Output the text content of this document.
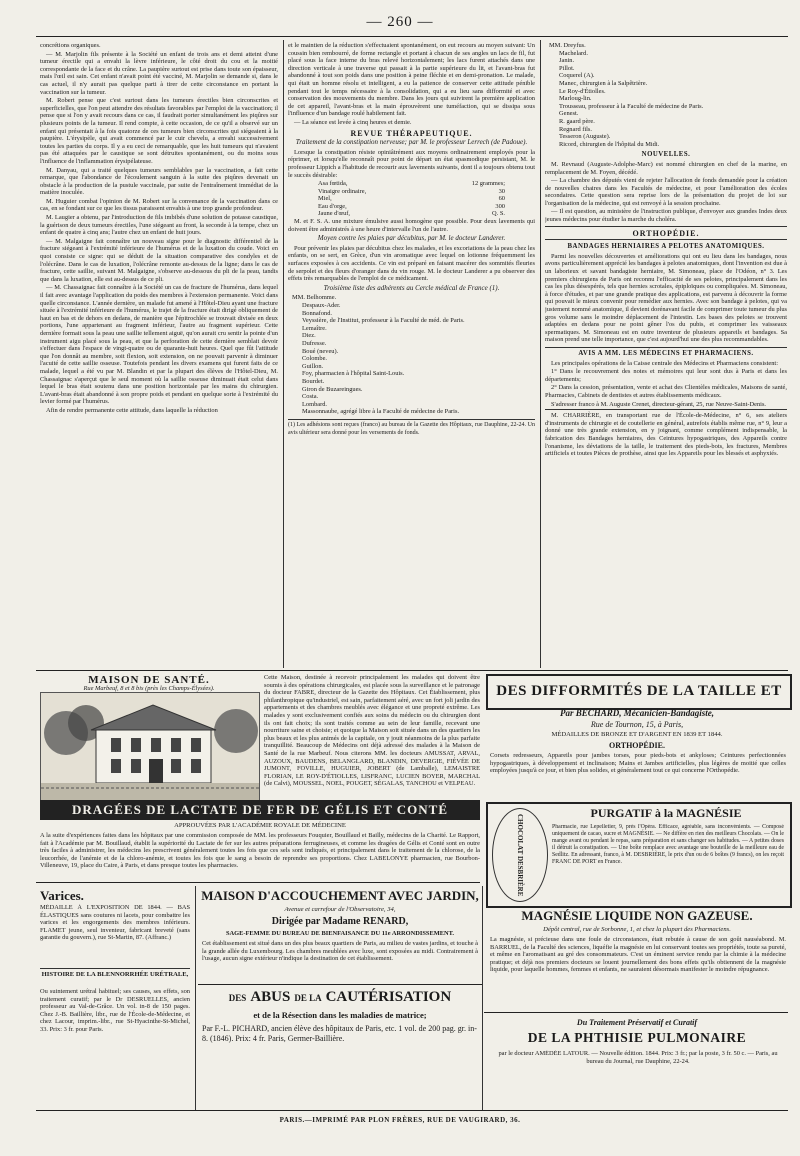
— 260 —

concrétions organiques.

— M. Marjolin fils présente à la Société un enfant de trois ans et demi atteint d'une tumeur érectile qui a envahi la lèvre inférieure, le côté droit du cou et la moitié correspondante de la face et du crâne. La paupière surtout est prise dans toute son épaisseur, mais l'œil est sain. Cet enfant n'avait point été vacciné, M. Marjolin se demande si, dans le cas actuel, il n'y aurait pas quelque parti à tirer de cette circonstance en portant la vaccination sur la tumeur.

M. Robert pense que c'est surtout dans les tumeurs érectiles bien circonscrites et superficielles, que l'on peut attendre des résultats favorables par l'emploi de la vaccination; il pense que si l'on y avait recours dans ce cas, il faudrait porter simultanément les piqûres sur plusieurs points de la tumeur. Il rend compte, à cette occasion, de ce qu'il a observé sur un enfant qui présentait à la fois quatorze de ces tumeurs bien circonscrites qui siégeaient à la paupière. L'érysipèle, qui avait commencé par le cuir chevelu, a envahi successivement toutes les parties du corps. Il y a eu ceci de remarquable, que les huit tumeurs qui n'avaient pas été attaquées par le caustique se sont détruites spontanément, ou du moins sous l'influence de l'inflammation érysipélateuse.

M. Danyau, qui a traité quelques tumeurs semblables par la vaccination, a fait cette remarque, que l'abondance de l'écoulement sanguin à la suite des piqûres devenait un obstacle à la production de la pustule vaccinale, par suite de l'entraînement immédiat de la matière inoculée.

M. Huguier combat l'opinion de M. Robert sur la convenance de la vaccination dans ce cas, en se fondant sur ce que les tissus paraissent envahis à une trop grande profondeur.

M. Laugier a obtenu, par l'introduction de fils imbibés d'une solution de potasse caustique, la guérison de deux tumeurs érectiles, l'une siégeant au front, la seconde à la tempe, chez un enfant de quatre à cinq ans; l'autre chez un enfant de huit jours.

— M. Malgaigne fait connaître un nouveau signe pour le diagnostic différentiel de la fracture siégeant à l'extrémité inférieure de l'humérus et de la luxation du coude. Voici en quoi consiste ce signe: qui se déduit de la situation comparative des condyles et de l'olécrâne. Dans le cas de luxation, l'olécrâne remonte au-dessus de la ligne; dans le cas de fracture, cette saillie, suivant M. Malgaigne, s'observe au-dessous du pli de la peau, tandis que dans la luxation, elle est au-dessus de ce pli.

— M. Chassaignac fait connaître à la Société un cas de fracture de l'humérus, dans lequel il fait avec avantage l'application du poids des membres à l'extension permanente. Voici dans quelle circonstance. L'année dernière, un malade fut amené à l'Hôtel-Dieu ayant une fracture située à l'extrémité inférieure de l'humérus, le trajet de la fracture était dirigé obliquement de haut en bas et de dehors en dedans, de manière que l'épitrochlée se trouvait divisée en deux portions, l'une appartenant au fragment inférieur, l'autre au fragment supérieur. Cette dernière formait sous la peau une saillie tellement aiguë, qu'on aurait cru sentir la pointe d'un instrument aigu placé sous la peau, et que la perforation de cette dernière semblait devoir s'effectuer dans l'espace de vingt-quatre ou de quarante-huit heures. Quel que fût l'attitude que l'on donnât au membre, soit flexion, soit extension, on ne pouvait parvenir à diminuer l'acuité de cette saillie osseuse. Toutefois pendant les divers examens qui furent faits de ce malade, lequel a été vu par M. Blandin et par la plupart des élèves de l'Hôtel-Dieu, M. Chassaignac s'aperçut que le seul moment où la saillie osseuse diminuait était celui dans lequel le bras était soutenu dans une position horizontale par les mains du chirurgien. L'avant-bras était abandonné à son propre poids et pendant en quelque sorte à l'extrémité du levier formé par l'humérus.

Afin de rendre permanente cette attitude, dans laquelle la réduction

et le maintien de la réduction s'effectuaient spontanément, on eut recours au moyen suivant: Un coussin bien rembourré, de forme rectangle et portant à chacun de ses angles un lacs de fil, fut placé sous la face interne du bras relevé horizontalement; les lacs furent attachés dans une direction verticale à une traverse qui passait à la partie supérieure du lit, et l'avant-bras fut abandonné à tout son poids dans une position à peine fléchie et en demi-pronation. Le malade, qui était un homme résolu et intelligent, a eu la patience de conserver cette attitude pénible pendant tout le temps nécessaire à la consolidation, qui a eu lieu sans difformité et avec conservation des mouvements du membre. Dans les jours qui suivirent la première application de cet appareil, l'avant-bras et la main éprouvèrent une tuméfaction, qui se dissipa sous l'influence d'un bandage roulé habilement fait.

— La séance est levée à cinq heures et demie.

REVUE THÉRAPEUTIQUE.
Traitement de la constipation nerveuse; par M. le professeur Lerrech (de Padoue).

Lorsque la constipation résiste opiniâtrément aux moyens ordinairement employés pour la réprimer, et lorsqu'elle reconnaît pour point de départ un état spasmodique persistant, M. le professeur Lippich a l'habitude de recourir aux lavements suivants, dont il a toujours obtenu tout le succès désirable:

Asa fœtida,	12 grammes;
Vinaigre ordinaire,	30
Miel,	60
Eau d'orge,	300
Jaune d'œuf,	Q. S.

M. et F. S. A. une mixture émulsive aussi homogène que possible. Pour deux lavements qui doivent être administrés à une heure d'intervalle l'un de l'autre.

Moyen contre les plaies par décubitus, par M. le docteur Landerer.

Pour prévenir les plaies par décubitus chez les malades, et les excoriations de la peau chez les enfants, on se sert, en Grèce, d'un vin aromatique avec lequel on lotionne fréquemment les surfaces exposées à ces accidents. Ce vin est préparé en faisant macérer des sommités fleuries de serpolet et des fleurs d'oranger dans du vin rouge. M. le docteur Landerer a pu observer des effets très remarquables de l'emploi de ce médicament.

Troisième liste des adhérents au Cercle médical de France (1).
MM. Belhomme.
Despaux-Ader.
Bonnafond.
Veyssière, de l'Institut, professeur à la Faculté de méd. de Paris.
Lemaître.
Diez.
Dufresse.
Boué (neveu).
Colombe.
Guillon.
Foy, pharmacien à l'hôpital Saint-Louis.
Bourdet.
Giron de Buzareingues.
Costa.
Lombard.
Massonnaube, agrégé libre à la Faculté de médecine de Paris.
(1) Les adhésions sont reçues (franco) au bureau de la Gazette des Hôpitaux, rue Dauphine, 22-24. Un avis ultérieur sera donné pour les versements de fonds.
MM. Dreyfus.
Machelard.
Janin.
Pillot.
Coquerel (A).
Manec, chirurgien à la Salpêtrière.
Le Roy-d'Étiolles.
Marloug-lin.
Trousseau, professeur à la Faculté de médecine de Paris.
Genest.
R. gaard père.
Regnard fils.
Tesseron (Auguste).
Ricord, chirurgien de l'hôpital du Midi.
NOUVELLES.

M. Revnaud (Auguste-Adolphe-Marc) est nommé chirurgien en chef de la marine, en remplacement de M. Foyen, décédé.

— La chambre des députés vient de rejeter l'allocation de fonds demandée pour la création de nouvelles chaires dans les Facultés de médecine, et pour l'amélioration des écoles secondaires. Cette question sera reprise lors de la présentation du projet de loi sur l'organisation de la médecine, qui est renvoyé à la session prochaine.

— Il est question, au ministère de l'instruction publique, d'envoyer aux grandes Indes deux jeunes médecins pour étudier la marche du choléra.

ORTHOPÉDIE.
BANDAGES HERNIAIRES A PELOTES ANATOMIQUES.

Parmi les nouvelles découvertes et améliorations qui ont eu lieu dans les bandages, nous avons particulièrement apprécié les bandages à pelotes anatomiques, dont l'invention est due à un laborieux et savant bandagiste herniaire, M. Simoneau, place de l'Odéon, n° 3. Les premiers chirurgiens de Paris ont reconnu l'efficacité de ses pelotes, principalement dans les cas les plus désespérés, tels que hernies scrotales, épiploïques ou compliquées. M. Simoneau, à force d'études, et par une grande pratique des applications, est parvenu à découvrir la forme qui pouvait le mieux convenir pour remédier aux hernies. Avec son bandage à pelotes, qui va justement nommé anatomique, il devient dorénavant facile de comprimer toute tumeur du plus gros volume sans le moindre déplacement de l'intestin. Les bases des pelotes se trouvent adaptées en dedans pour ne point gêner l'os du pubis, et comprimer les vaisseaux spermatiques. M. Simoneau est en outre inventeur de plusieurs appareils et bandages. Sa maison prend une telle importance, que c'est aujourd'hui une des plus recommandables.

AVIS A MM. LES MÉDECINS ET PHARMACIENS.

Les principales opérations de la Caisse centrale des Médecins et Pharmaciens consistent:

1° Dans le recouvrement des notes et mémoires qui leur sont dus à Paris et dans les départements;

2° Dans la cession, présentation, vente et achat des Clientèles médicales, Maisons de santé, Pharmacies, Cabinets de dentistes et autres établissements médicaux.

S'adresser franco à M. Auguste Crenet, directeur-gérant, 25, rue Neuve-Saint-Denis.

M. CHARRIÈRE, en transportant rue de l'École-de-Médecine, n° 6, ses ateliers d'instruments de chirurgie et de coutellerie en général, autrefois établis même rue, n° 9, leur a donné une très grande extension, en y joignant, comme complément indispensable, la fabrication des Bandages herniaires, des Ceintures hypogastriques, des Appareils contre l'onanisme, les déviations de la taille, le traitement des pieds-bots, les fractures, Membres artificiels et toutes Pièces de prothèse, ainsi que les Appareils pour les blessés et asphyxiés.

MAISON DE SANTÉ.
Rue Marbeuf, 8 et 8 bis (près les Champs-Élysées).
Cette Maison, destinée à recevoir principalement les malades qui doivent être soumis à des opérations chirurgicales, est placée sous la surveillance et le patronage du docteur FABRE, directeur de la Gazette des Hôpitaux. Cet Établissement, plus philanthropique qu'industriel, est sain, parfaitement aéré, avec un fort joli jardin des appartements et des chambres meublés avec élégance et une propreté extrême. Les malades y sont exclusivement confiés aux soins du médecin ou du chirurgien dont ils ont fait choix; ils sont traités comme au sein de leur famille, recevant une nourriture saine et choisie; et quoique la Maison soit située dans un des quartiers les plus beaux et les plus animés de la capitale, on y jouit néanmoins de la plus parfaite tranquillité. Beaucoup de Médecins ont déjà adressé des malades à la Maison de Santé de la rue Marbeuf. Nous citerons MM. les docteurs AMUSSAT, ARVAL, AUZOUX, BAUDENS, BELANGLARD, BLANDIN, DEVERGIE, FIÉVÉE DE JUMONT, FOVILLE, HUGUIER, JOBERT (de Lamballe), LEMAISTRE FLORIAN, LE ROY-D'ÉTIOLLES, LISFRANC, LUCIEN BOYER, MARCHAL (de Calvi), MOUSSEL, NOEL, POUGET, SÉGALAS, TANCHOU et VELPEAU.
DES DIFFORMITÉS DE LA TAILLE ET
Par BECHARD, Mécanicien-Bandagiste,
Rue de Tournon, 15, à Paris,
MÉDAILLES DE BRONZE ET D'ARGENT EN 1839 ET 1844.
ORTHOPÉDIE.
Corsets redresseurs, Appareils pour jambes torses, pour pieds-bots et ankyloses; Ceintures perfectionnées hypogastriques, à développement et inclinaison; Mains et Jambes artificielles, plus légères de moitié que celles employées jusqu'à ce jour, et bien plus solides, et généralement tout ce qui concerne l'Orthopédie.
DRAGÉES DE LACTATE DE FER DE GÉLIS ET CONTÉ
APPROUVÉES PAR L'ACADÉMIE ROYALE DE MÉDECINE
A la suite d'expériences faites dans les hôpitaux par une commission composée de MM. les professeurs Fouquier, Bouillaud et Bailly, médecins de la Charité. Le Rapport, fait à l'Académie par M. Bouillaud, établit la supériorité du Lactate de fer sur les autres préparations ferrugineuses, et comme les dragées de Gélis et Conté sont en outre très faciles à administrer, les médecins les prescrivent généralement toutes les fois que ces sels sont indiqués, et principalement dans le traitement de la chlorose, de la leucorrhée, de l'anémie et de la chloro-anémie, et toutes les fois que le sang a besoin de reprendre ses proportions. Chez LABELONYE pharmacien, rue Bourbon-Villeneuve, 19, place du Caire, à Paris, et dans presque toutes les pharmacies.
PURGATIF à la MAGNÉSIE
CHOCOLAT DESBRIÈRE	Pharmacie, rue Lepelletier, 9, près l'Opéra. Efficace, agréable, sans inconvénients. — Composé uniquement de cacao, sucre et MAGNÉSIE. — Ne diffère en rien des meilleurs Chocolats. — On le mange avant ou pendant le repas, sans préparation et sans changer ses habitudes. — A petites doses il détruit la constipation. — Une boîte remplace avec avantage une bouteille de la meilleure eau de Sedlitz. En adressant, franco, à M. DESBRIÈRE, le prix d'un ou de 6 boîtes (9 francs), on les reçoit FRANC DE PORT en France.
Varices.
MÉDAILLE À L'EXPOSITION DE 1844. — BAS ÉLASTIQUES sans coutures ni lacets, pour combattre les varices et les engorgements des membres inférieurs. FLAMET jeune, seul inventeur, fabricant breveté (sans garantie du gouvern.), rue St-Martin, 87. (Affranc.)
HISTOIRE DE LA BLENNORRHÉE URÉTRALE,
Ou suintement urétral habituel; ses causes, ses effets, son traitement curatif; par le Dr DESRUELLES, ancien professeur au Val-de-Grâce. Un vol. in-8 de 150 pages. Chez J.-B. Baillière, libr., rue de l'École-de-Médecine, et chez Lacour, imprim.-libr., rue St-Hyacinthe-St-Michel, 33. Prix: 3 fr. pour Paris.
MAISON D'ACCOUCHEMENT AVEC JARDIN,
Avenue et carrefour de l'Observatoire, 34,
Dirigée par Madame RENARD,
SAGE-FEMME DU BUREAU DE BIENFAISANCE DU 11e ARRONDISSEMENT.
Cet établissement est situé dans un des plus beaux quartiers de Paris, au milieu de vastes jardins, et touche à la grande allée du Luxembourg. Les chambres meublées avec luxe, sont exposées au midi. Contrairement à l'usage, aucun signe extérieur n'indique la destination de cet établissement.
DES ABUS DE LA CAUTÉRISATION
et de la Résection dans les maladies de matrice;
Par F.-L. PICHARD, ancien élève des hôpitaux de Paris, etc. 1 vol. de 200 pag. gr. in-8. (1846). Prix: 4 fr. Paris, Germer-Baillière.
MAGNÉSIE LIQUIDE NON GAZEUSE.
Dépôt central, rue de Sorbonne, 1, et chez la plupart des Pharmaciens.
La magnésie, si précieuse dans une foule de circonstances, était rebutée à cause de son goût nauséabond. M. BARRUEL, de la Faculté des sciences, liquéfie la magnésie en lui conservant toutes ses propriétés, toute sa pureté, et même en l'aromatisant au gré des consommateurs. C'est un éminent service rendu par la chimie à la médecine pratique; et déjà nos premiers docteurs se louent journellement des bons effets qu'ils obtiennent de la magnésie liquide, pour laquelle hommes, femmes et enfants, ne sauraient désormais manifester le moindre répugnance.
Du Traitement Préservatif et Curatif
DE LA PHTHISIE PULMONAIRE
par le docteur AMÉDÉE LATOUR. — Nouvelle édition. 1844. Prix: 3 fr.; par la poste, 3 fr. 50 c. — Paris, au bureau du Journal, rue Dauphine, 22-24.
PARIS.—IMPRIMÉ PAR PLON FRÈRES, RUE DE VAUGIRARD, 36.
